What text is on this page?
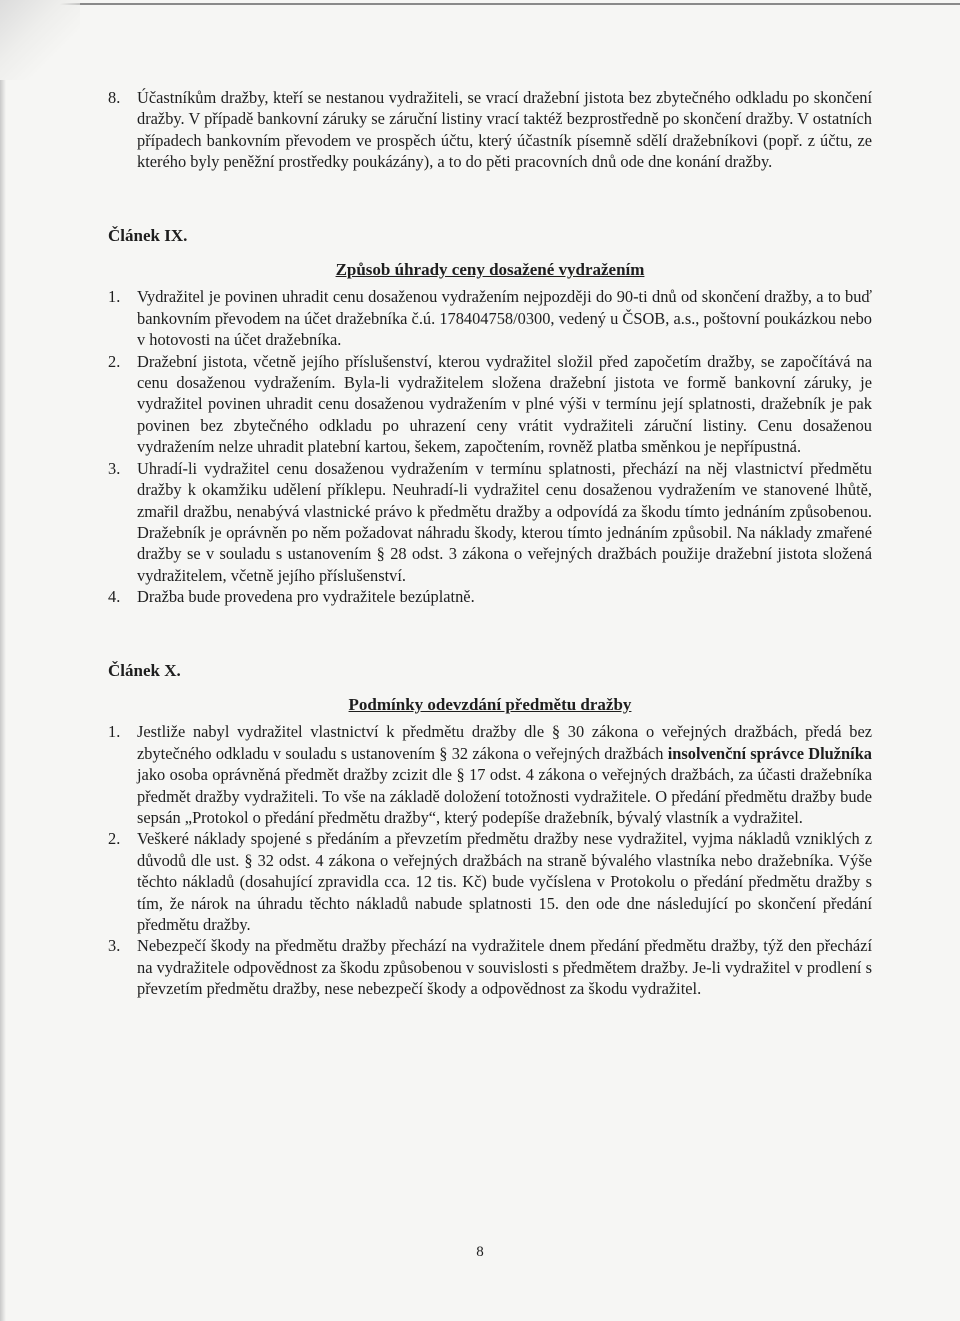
8. Účastníkům dražby, kteří se nestanou vydražiteli, se vrací dražební jistota bez zbytečného odkladu po skončení dražby. V případě bankovní záruky se záruční listiny vrací taktéž bezprostředně po skončení dražby. V ostatních případech bankovním převodem ve prospěch účtu, který účastník písemně sdělí dražebníkovi (popř. z účtu, ze kterého byly peněžní prostředky poukázány), a to do pěti pracovních dnů ode dne konání dražby.

Článek IX.

Způsob úhrady ceny dosažené vydražením

1. Vydražitel je povinen uhradit cenu dosaženou vydražením nejpozději do 90-ti dnů od skončení dražby, a to buď bankovním převodem na účet dražebníka č.ú. 178404758/0300, vedený u ČSOB, a.s., poštovní poukázkou nebo v hotovosti na účet dražebníka.
2. Dražební jistota, včetně jejího příslušenství, kterou vydražitel složil před započetím dražby, se započítává na cenu dosaženou vydražením. Byla-li vydražitelem složena dražební jistota ve formě bankovní záruky, je vydražitel povinen uhradit cenu dosaženou vydražením v plné výši v termínu její splatnosti, dražebník je pak povinen bez zbytečného odkladu po uhrazení ceny vrátit vydražiteli záruční listiny. Cenu dosaženou vydražením nelze uhradit platební kartou, šekem, započtením, rovněž platba směnkou je nepřípustná.
3. Uhradí-li vydražitel cenu dosaženou vydražením v termínu splatnosti, přechází na něj vlastnictví předmětu dražby k okamžiku udělení příklepu. Neuhradí-li vydražitel cenu dosaženou vydražením ve stanovené lhůtě, zmařil dražbu, nenabývá vlastnické právo k předmětu dražby a odpovídá za škodu tímto jednáním způsobenou. Dražebník je oprávněn po něm požadovat náhradu škody, kterou tímto jednáním způsobil. Na náklady zmařené dražby se v souladu s ustanovením § 28 odst. 3 zákona o veřejných dražbách použije dražební jistota složená vydražitelem, včetně jejího příslušenství.
4. Dražba bude provedena pro vydražitele bezúplatně.

Článek X.

Podmínky odevzdání předmětu dražby

1. Jestliže nabyl vydražitel vlastnictví k předmětu dražby dle § 30 zákona o veřejných dražbách, předá bez zbytečného odkladu v souladu s ustanovením § 32 zákona o veřejných dražbách insolvenční správce Dlužníka jako osoba oprávněná předmět dražby zcizit dle § 17 odst. 4 zákona o veřejných dražbách, za účasti dražebníka předmět dražby vydražiteli. To vše na základě doložení totožnosti vydražitele. O předání předmětu dražby bude sepsán „Protokol o předání předmětu dražby“, který podepíše dražebník, bývalý vlastník a vydražitel.
2. Veškeré náklady spojené s předáním a převzetím předmětu dražby nese vydražitel, vyjma nákladů vzniklých z důvodů dle ust. § 32 odst. 4 zákona o veřejných dražbách na straně bývalého vlastníka nebo dražebníka. Výše těchto nákladů (dosahující zpravidla cca. 12 tis. Kč) bude vyčíslena v Protokolu o předání předmětu dražby s tím, že nárok na úhradu těchto nákladů nabude splatnosti 15. den ode dne následující po skončení předání předmětu dražby.
3. Nebezpečí škody na předmětu dražby přechází na vydražitele dnem předání předmětu dražby, týž den přechází na vydražitele odpovědnost za škodu způsobenou v souvislosti s předmětem dražby. Je-li vydražitel v prodlení s převzetím předmětu dražby, nese nebezpečí škody a odpovědnost za škodu vydražitel.
8
